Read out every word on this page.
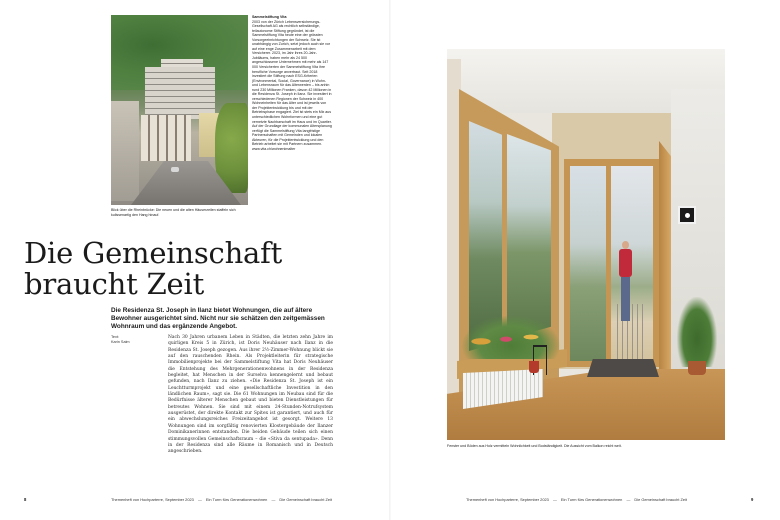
Blick über die Rheinbrücke: Die neuen und die alten Häuserzeilen staffeln sich kulissenartig den Hang hinauf.
Sammelstiftung Vita
2003 von der Zürich Lebensversicherungs-Gesellschaft AG als rechtlich selbständige, teilautonome Stiftung gegründet, ist die Sammelstiftung Vita heute eine der grössten Vorsorgeeinrichtungen der Schweiz. Sie ist unabhängig von Zurich, setzt jedoch auch sie vor auf eine enge Zusammenarbeit mit dem Versicherer. 2023, im Jahr ihres 20-Jahr-Jubiläums, haben mehr als 24 500 angeschlossene Unternehmen mit mehr als 147 000 Versicherten der Sammelstiftung Vita ihre berufliche Vorsorge anvertraut. Seit 2018 investiert die Stiftung nach ESG-Kriterien (Environmental, Social, Governance) in Wohn- und Lebensraum für das Alterwerden – bis anhin rund 230 Millionen Franken, davon 42 Millionen in die Residenza St. Joseph in Ilanz. Sie investiert in verschiedenen Regionen der Schweiz in 400 Wohneinheiten für das Alter und ist jeweils von der Projektentwicklung bis und mit der Betriebsphase engagiert. Ziel ist stets ein Mix aus unterschiedlichen Wohnformen und eine gut vernetzte Nachbarschaft im Haus und im Quartier. Auf der Grundlage der kommunalen Altersplanung verfügt die Sammelstiftung Vita langfristige Partnerschaften mit Gemeinden und lokalen Akteuren, für die Projektentwicklung und den Betrieb arbeitet sie mit Partnern zusammen.
www.vita.ch/wohnenimalter
Die Gemeinschaft
braucht Zeit
Die Residenza St. Joseph in Ilanz bietet Wohnungen, die auf ältere Bewohner ausgerichtet sind. Nicht nur sie schätzen den zeitgemässen Wohnraum und das ergänzende Angebot.
Text:
Karin Salm
Nach 30 Jahren urbanem Leben in Städten, die letzten zehn Jahre im quirligen Kreis 5 in Zürich, ist Doris Neuhäuser nach Ilanz in die Residenza St. Joseph gezogen. Aus ihrer 2½-Zimmer-Wohnung blickt sie auf den rauschenden Rhein. Als Projektleiterin für strategische Immobilienprojekte bei der Sammelstiftung Vita hat Doris Neuhäuser die Entstehung des Mehrgenerationenwohnens in der Residenza begleitet, hat Menschen in der Surselva kennengelernt und bebaut gefunden, nach Ilanz zu ziehen. «Die Residenza St. Joseph ist ein Leuchtturmprojekt und eine gesellschaftliche Investition in den ländlichen Raum», sagt sie. Die 61 Wohnungen im Neubau sind für die Bedürfnisse älterer Menschen gebaut und bieten Dienstleistungen für betreutes Wohnen. Sie sind mit einem 24-Stunden-Notrufsystem ausgerüstet, der direkte Kontakt zur Spitex ist garantiert, und auch für ein abwechslungsreiches Freizeitangebot ist gesorgt. Weitere 13 Wohnungen sind im sorgfältig renovierten Klostergebäude der Ilanzer Dominikanerinnen entstanden. Die beiden Gebäude teilen sich einen stimmungsvollen Gemeinschaftsraum – die «Stiva da sentupada». Denn in der Residenza sind alle Räume in Romanisch und in Deutsch angeschrieben.
8	Themenheft von Hochparterre, September 2023 — Ein Turm fürs Generationenwohnen — Die Gemeinschaft braucht Zeit
Fenster und Böden aus Holz vermitteln Wohnlichkeit und Bodständigkeit. Die Aussicht vom Balkon reicht weit.
Themenheft von Hochparterre, September 2023 — Ein Turm fürs Generationenwohnen — Die Gemeinschaft braucht Zeit	9
